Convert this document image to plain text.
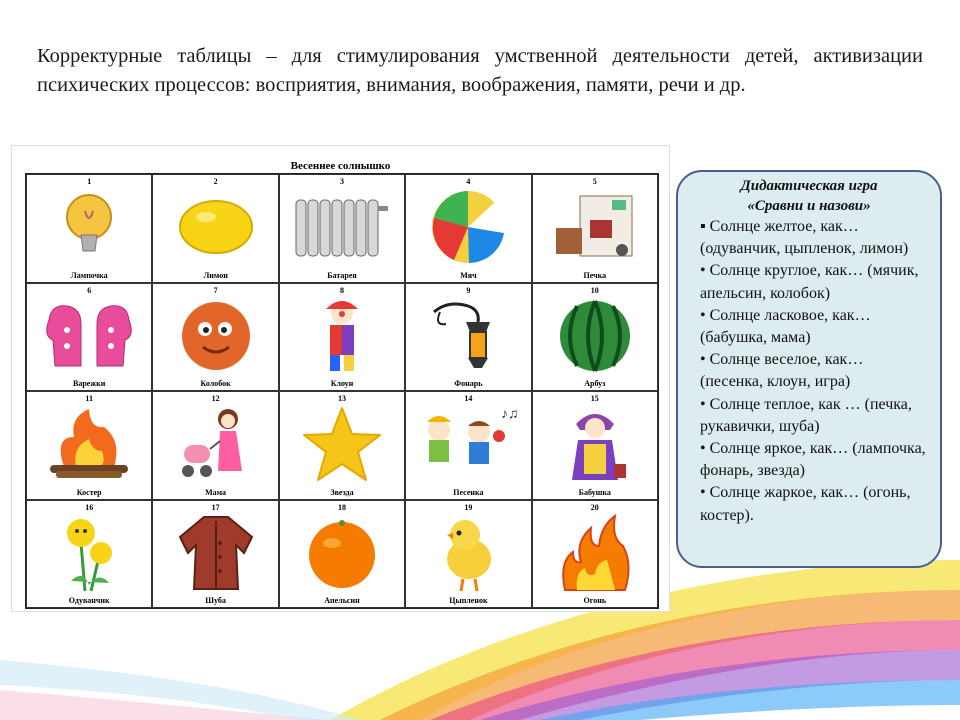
Корректурные таблицы – для стимулирования умственной деятельности детей, активизации психических процессов: восприятия, внимания, воображения, памяти, речи и др.
Весеннее солнышко
1
Лампочка
2
Лимон
3
Батарея
4
Мяч
5
Печка
6
Варежки
7
Колобок
8
Клоун
9
Фонарь
10
Арбуз
11
Костер
12
Мама
13
Звезда
14
♪♫
Песенка
15
Бабушка
16
Одуванчик
17
Шуба
18
Апельсин
19
Цыпленок
20
Огонь
Дидактическая игра
«Сравни и назови»

▪ Солнце желтое, как… (одуванчик, цыпленок, лимон)

• Солнце круглое, как… (мячик, апельсин, колобок)

• Солнце ласковое, как… (бабушка, мама)

• Солнце веселое, как… (песенка, клоун, игра)

• Солнце теплое, как … (печка, рукавички, шуба)

• Солнце яркое, как… (лампочка, фонарь, звезда)

• Солнце жаркое, как… (огонь, костер).
